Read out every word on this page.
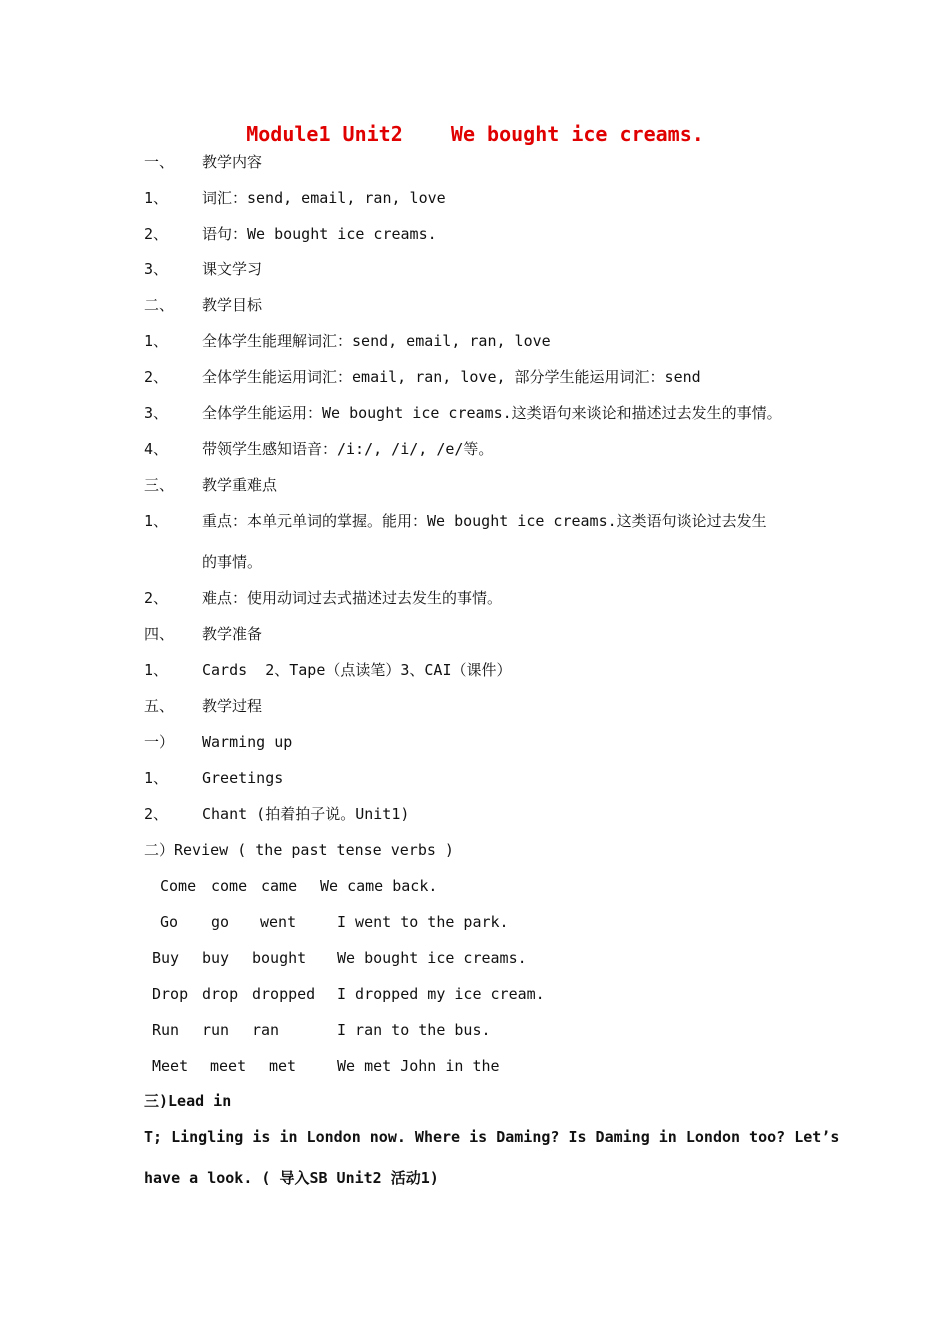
Module1 Unit2    We bought ice creams.
一、 教学内容
1、 词汇：send, email, ran, love
2、 语句：We bought ice creams.
3、 课文学习
二、 教学目标
1、 全体学生能理解词汇：send, email, ran, love
2、 全体学生能运用词汇：email, ran, love, 部分学生能运用词汇：send
3、 全体学生能运用：We bought ice creams.这类语句来谈论和描述过去发生的事情。
4、 带领学生感知语音：/i:/, /i/, /e/等。
三、 教学重难点
1、 重点：本单元单词的掌握。能用：We bought ice creams.这类语句谈论过去发生
的事情。
2、 难点：使用动词过去式描述过去发生的事情。
四、 教学准备
1、 Cards  2、Tape（点读笔）3、CAI（课件）
五、 教学过程
一） Warming up
1、 Greetings
2、 Chant (拍着拍子说。Unit1)
二）Review ( the past tense verbs )
Come come came We came back.
Go go went	I went to the park.
Buy buy bought We bought ice creams.
Drop drop dropped I dropped my ice cream.
Run run ran	I ran to the bus.
Meet meet met	We met John in the
三)Lead in
T; Lingling is in London now. Where is Daming? Is Daming in London too? Let’s
have a look. ( 导入SB Unit2 活动1)
